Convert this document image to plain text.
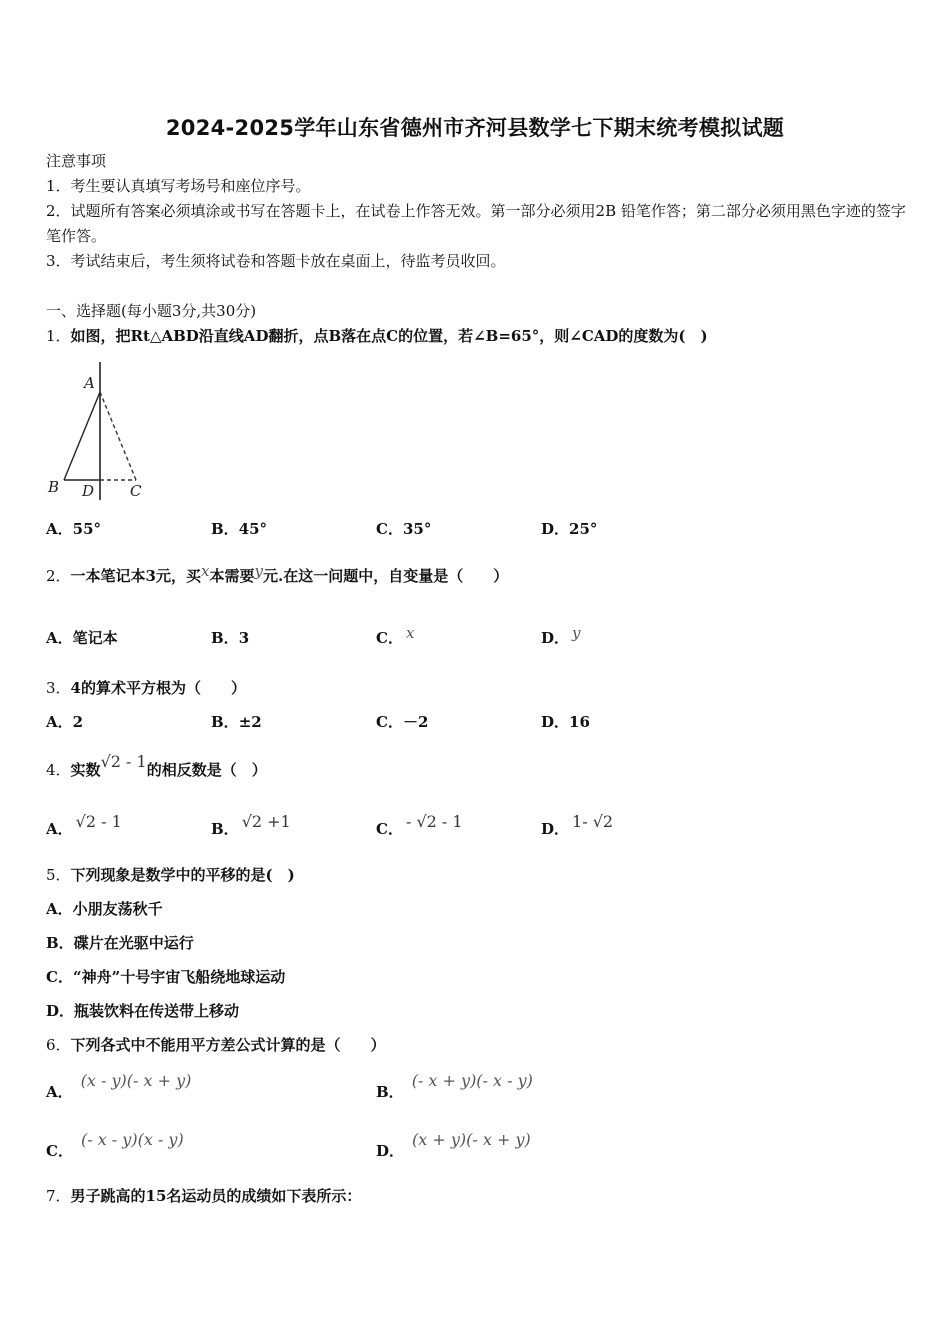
2024-2025学年山东省德州市齐河县数学七下期末统考模拟试题
注意事项
1．考生要认真填写考场号和座位序号。
2．试题所有答案必须填涂或书写在答题卡上，在试卷上作答无效。第一部分必须用2B 铅笔作答；第二部分必须用黑色字迹的签字笔作答。
3．考试结束后，考生须将试卷和答题卡放在桌面上，待监考员收回。
一、选择题(每小题3分,共30分)
1．如图，把Rt△ABD沿直线AD翻折，点B落在点C的位置，若∠B=65°，则∠CAD的度数为(　)
A
B D C
A．55°	B．45°	C．35°	D．25°
2．一本笔记本3元，买x本需要y元.在这一问题中，自变量是（　　）
A．笔记本	B．3	C． x	D． y
3．4的算术平方根为（　　）
A．2	B．±2	C．－2	D．16
4．实数√2 - 1的相反数是（　）
A． √2 - 1	B． √2 +1	C． - √2 - 1	D． 1- √2
5．下列现象是数学中的平移的是(　)
A．小朋友荡秋千
B．碟片在光驱中运行
C．“神舟”十号宇宙飞船绕地球运动
D．瓶装饮料在传送带上移动
6．下列各式中不能用平方差公式计算的是（　　）
A．(x - y)(- x + y)
B．(- x + y)(- x - y)
C．(- x - y)(x - y)
D．(x + y)(- x + y)
7．男子跳高的15名运动员的成绩如下表所示：
